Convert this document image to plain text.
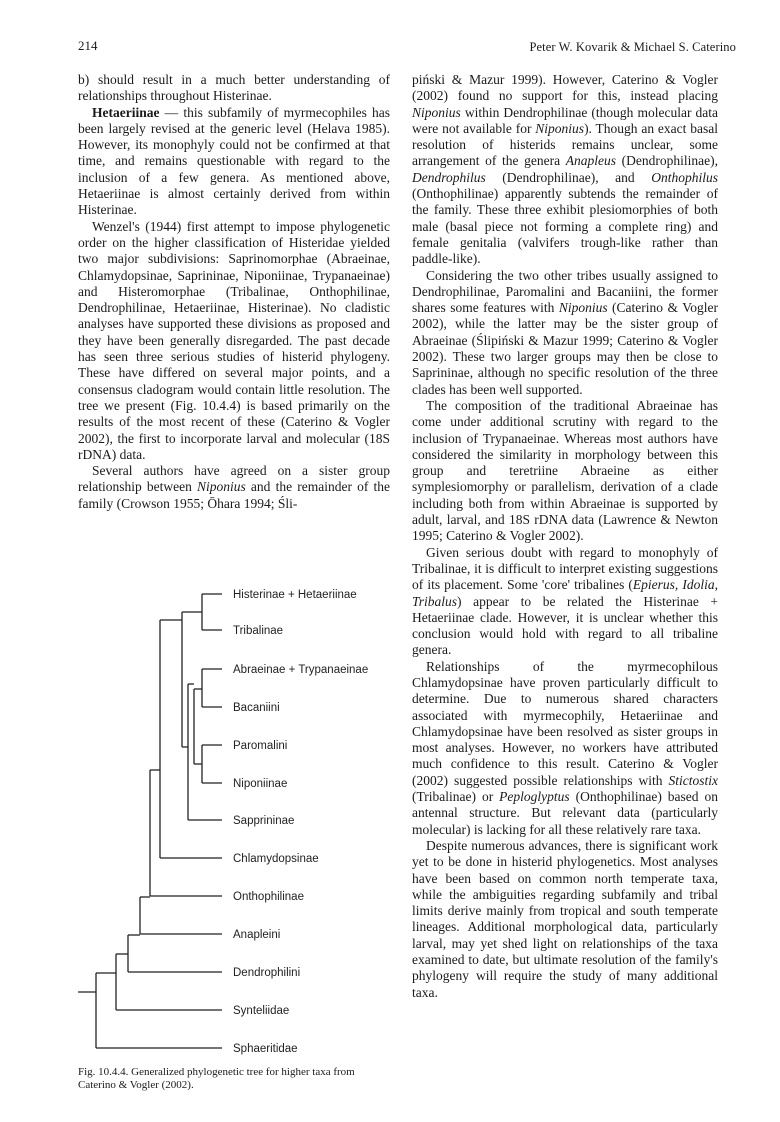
214	Peter W. Kovarik & Michael S. Caterino

b) should result in a much better understanding of relationships throughout Histerinae.

Hetaeriinae — this subfamily of myrmecophiles has been largely revised at the generic level (Helava 1985). However, its monophyly could not be confirmed at that time, and remains questionable with regard to the inclusion of a few genera. As mentioned above, Hetaeriinae is almost certainly derived from within Histerinae.

Wenzel's (1944) first attempt to impose phylogenetic order on the higher classification of Histeridae yielded two major subdivisions: Saprinomorphae (Abraeinae, Chlamydopsinae, Saprininae, Niponiinae, Trypanaeinae) and Histeromorphae (Tribalinae, Onthophilinae, Dendrophilinae, Hetaeriinae, Histerinae). No cladistic analyses have supported these divisions as proposed and they have been generally disregarded. The past decade has seen three serious studies of histerid phylogeny. These have differed on several major points, and a consensus cladogram would contain little resolution. The tree we present (Fig. 10.4.4) is based primarily on the results of the most recent of these (Caterino & Vogler 2002), the first to incorporate larval and molecular (18S rDNA) data.

Several authors have agreed on a sister group relationship between Niponius and the remainder of the family (Crowson 1955; Ōhara 1994; Śli-

piński & Mazur 1999). However, Caterino & Vogler (2002) found no support for this, instead placing Niponius within Dendrophilinae (though molecular data were not available for Niponius). Though an exact basal resolution of histerids remains unclear, some arrangement of the genera Anapleus (Dendrophilinae), Dendrophilus (Dendrophilinae), and Onthophilus (Onthophilinae) apparently subtends the remainder of the family. These three exhibit plesiomorphies of both male (basal piece not forming a complete ring) and female genitalia (valvifers trough-like rather than paddle-like).

Considering the two other tribes usually assigned to Dendrophilinae, Paromalini and Bacaniini, the former shares some features with Niponius (Caterino & Vogler 2002), while the latter may be the sister group of Abraeinae (Ślipiński & Mazur 1999; Caterino & Vogler 2002). These two larger groups may then be close to Saprininae, although no specific resolution of the three clades has been well supported.

The composition of the traditional Abraeinae has come under additional scrutiny with regard to the inclusion of Trypanaeinae. Whereas most authors have considered the similarity in morphology between this group and teretriine Abraeine as either symplesiomorphy or parallelism, derivation of a clade including both from within Abraeinae is supported by adult, larval, and 18S rDNA data (Lawrence & Newton 1995; Caterino & Vogler 2002).

Given serious doubt with regard to monophyly of Tribalinae, it is difficult to interpret existing suggestions of its placement. Some 'core' tribalines (Epierus, Idolia, Tribalus) appear to be related the Histerinae + Hetaeriinae clade. However, it is unclear whether this conclusion would hold with regard to all tribaline genera.

Relationships of the myrmecophilous Chlamydopsinae have proven particularly difficult to determine. Due to numerous shared characters associated with myrmecophily, Hetaeriinae and Chlamydopsinae have been resolved as sister groups in most analyses. However, no workers have attributed much confidence to this result. Caterino & Vogler (2002) suggested possible relationships with Stictostix (Tribalinae) or Peploglyptus (Onthophilinae) based on antennal structure. But relevant data (particularly molecular) is lacking for all these relatively rare taxa.

Despite numerous advances, there is significant work yet to be done in histerid phylogenetics. Most analyses have been based on common north temperate taxa, while the ambiguities regarding subfamily and tribal limits derive mainly from tropical and south temperate lineages. Additional morphological data, particularly larval, may yet shed light on relationships of the taxa examined to date, but ultimate resolution of the family's phylogeny will require the study of many additional taxa.

Histerinae + Hetaeriinae
Tribalinae
Abraeinae + Trypanaeinae
Bacaniini
Paromalini
Niponiinae
Sapprininae
Chlamydopsinae
Onthophilinae
Anapleini
Dendrophilini
Synteliidae
Sphaeritidae
Fig. 10.4.4. Generalized phylogenetic tree for higher taxa from Caterino & Vogler (2002).
